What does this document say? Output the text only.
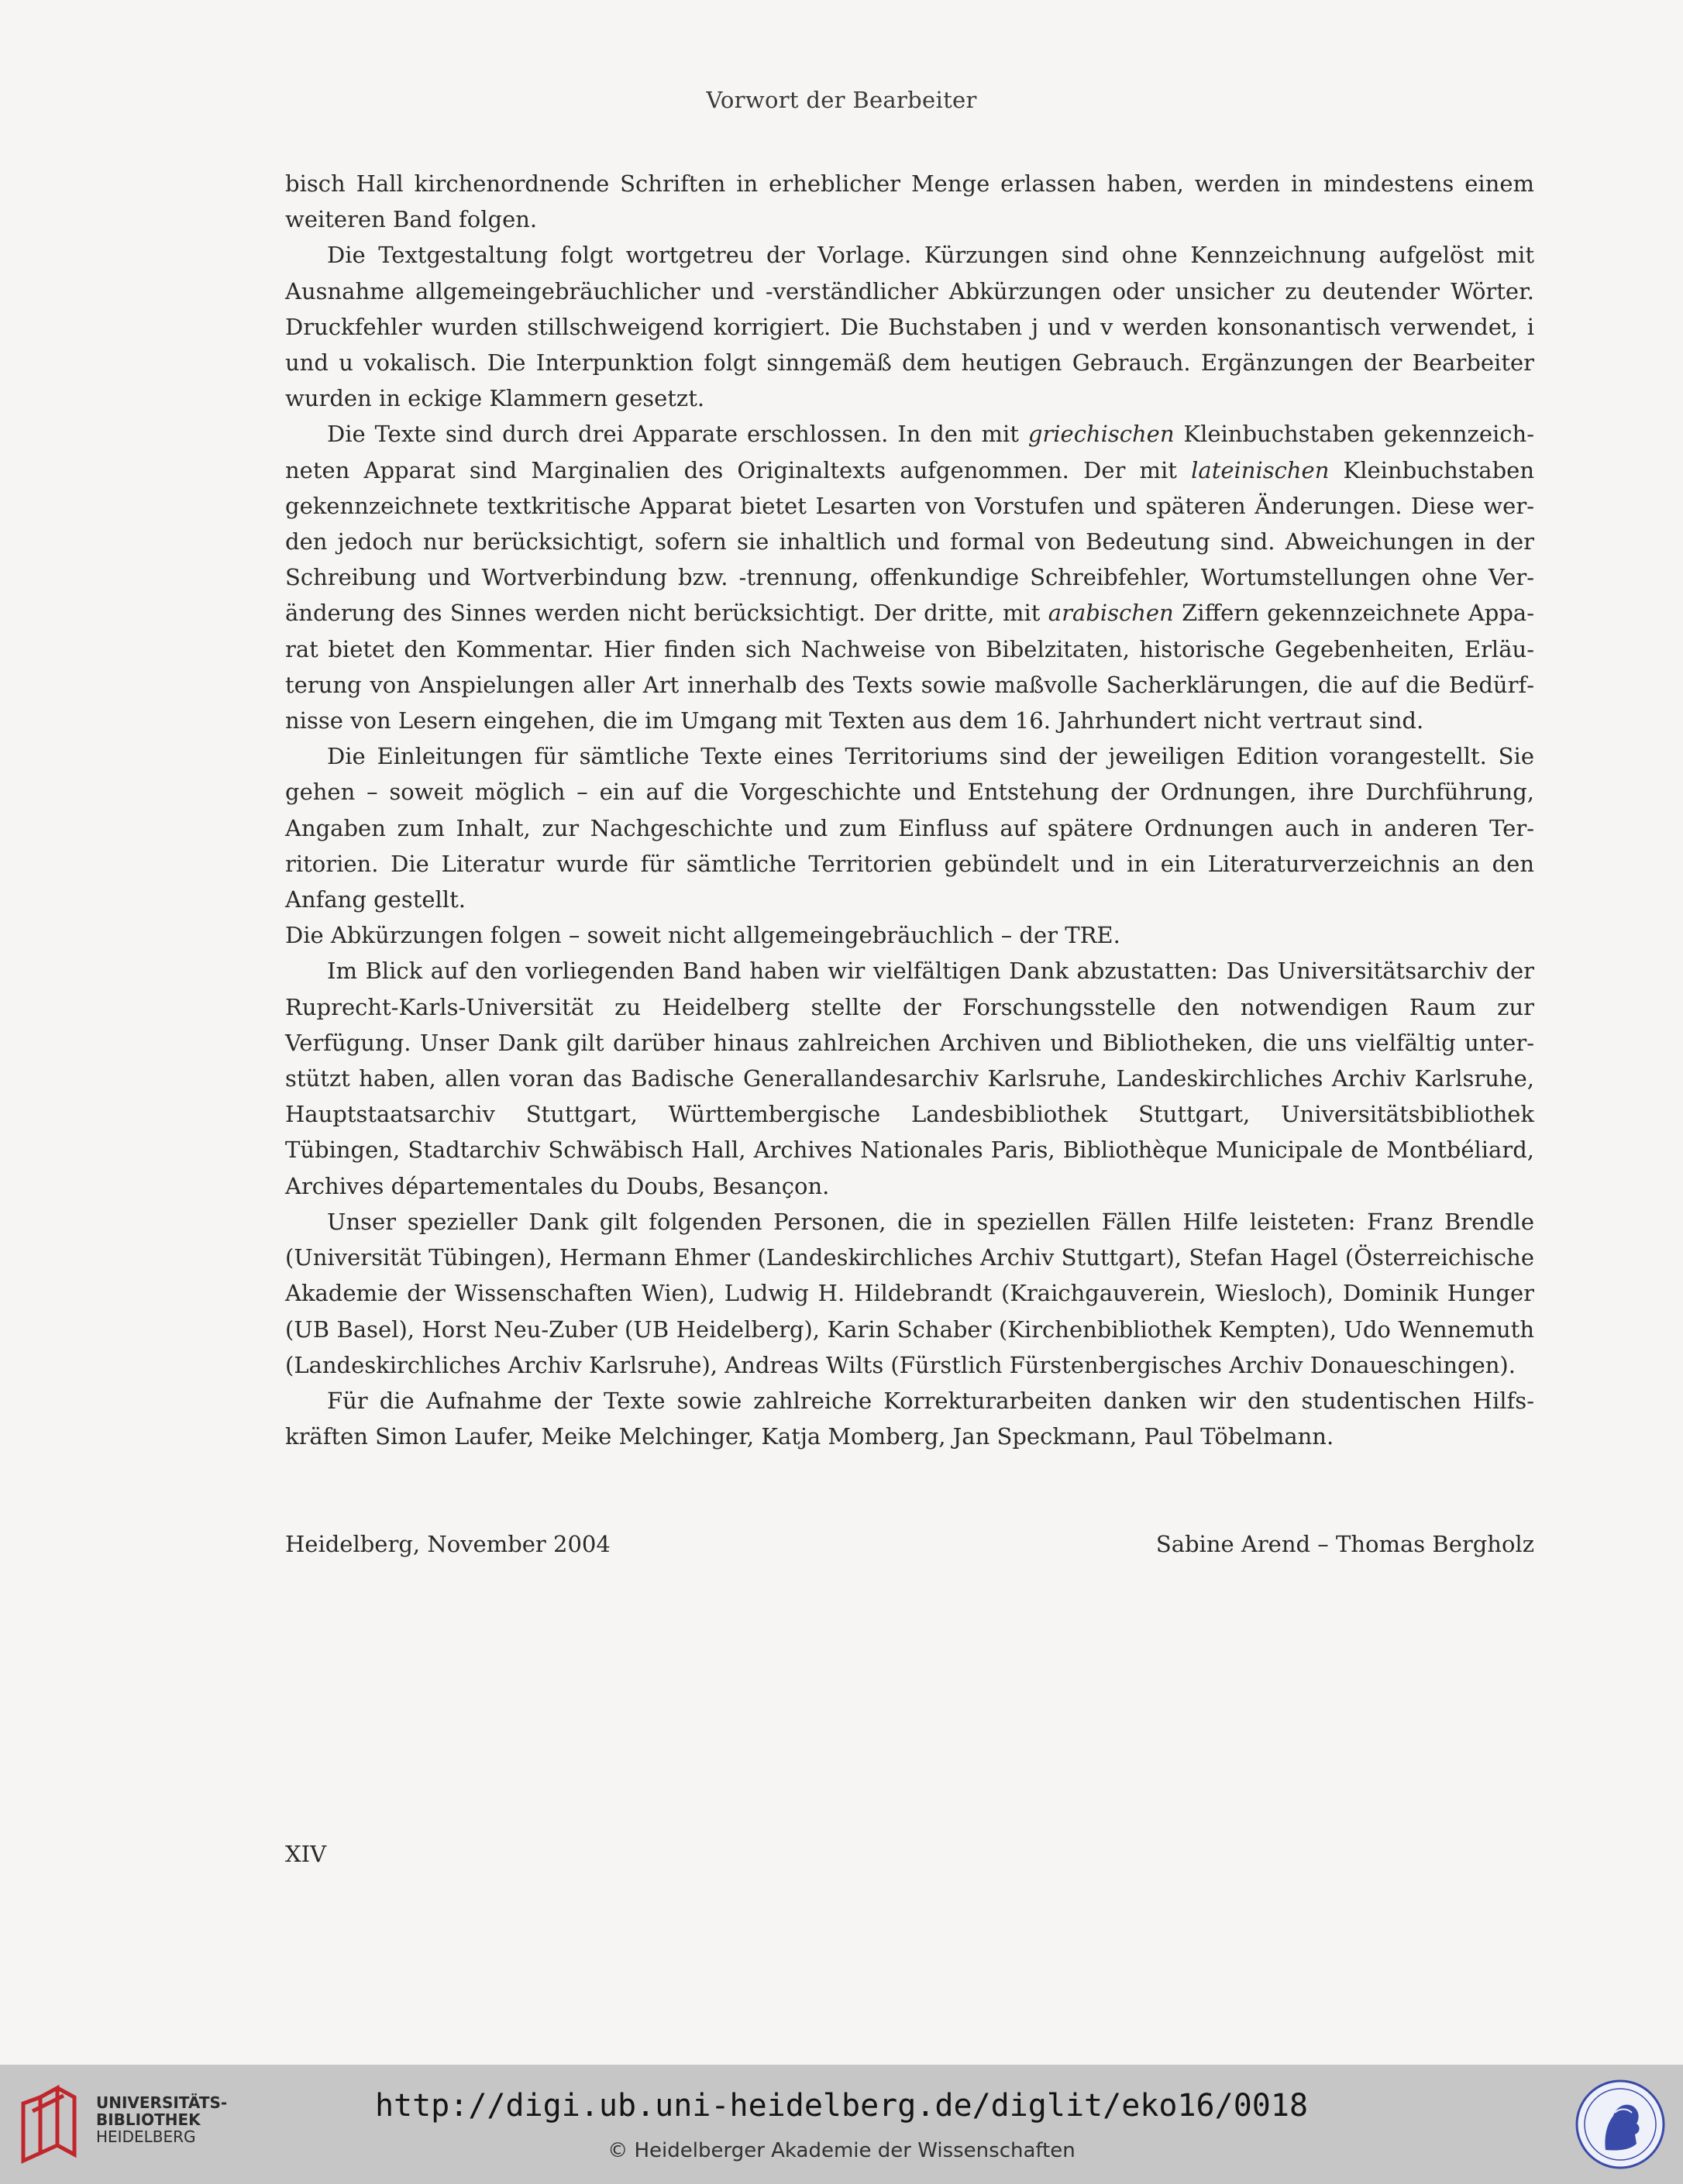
Vorwort der Bearbeiter

bisch Hall kirchenordnende Schriften in erheblicher Menge erlassen haben, werden in mindestens einem weiteren Band folgen.

Die Textgestaltung folgt wortgetreu der Vorlage. Kürzungen sind ohne Kennzeichnung aufgelöst mit Ausnahme allgemeingebräuchlicher und -verständlicher Abkürzungen oder unsicher zu deutender Wörter. Druckfehler wurden stillschweigend korrigiert. Die Buchstaben j und v werden konsonantisch verwendet, i und u vokalisch. Die Interpunktion folgt sinngemäß dem heutigen Gebrauch. Ergänzungen der Bearbeiter wurden in eckige Klammern gesetzt.

Die Texte sind durch drei Apparate erschlossen. In den mit griechischen Kleinbuchstaben gekennzeichneten Apparat sind Marginalien des Originaltexts aufgenommen. Der mit lateinischen Kleinbuchstaben gekennzeichnete textkritische Apparat bietet Lesarten von Vorstufen und späteren Änderungen. Diese werden jedoch nur berücksichtigt, sofern sie inhaltlich und formal von Bedeutung sind. Abweichungen in der Schreibung und Wortverbindung bzw. -trennung, offenkundige Schreibfehler, Wortumstellungen ohne Veränderung des Sinnes werden nicht berücksichtigt. Der dritte, mit arabischen Ziffern gekennzeichnete Apparat bietet den Kommentar. Hier finden sich Nachweise von Bibelzitaten, historische Gegebenheiten, Erläuterung von Anspielungen aller Art innerhalb des Texts sowie maßvolle Sacherklärungen, die auf die Bedürfnisse von Lesern eingehen, die im Umgang mit Texten aus dem 16. Jahrhundert nicht vertraut sind.

Die Einleitungen für sämtliche Texte eines Territoriums sind der jeweiligen Edition vorangestellt. Sie gehen – soweit möglich – ein auf die Vorgeschichte und Entstehung der Ordnungen, ihre Durchführung, Angaben zum Inhalt, zur Nachgeschichte und zum Einfluss auf spätere Ordnungen auch in anderen Territorien. Die Literatur wurde für sämtliche Territorien gebündelt und in ein Literaturverzeichnis an den Anfang gestellt.

Die Abkürzungen folgen – soweit nicht allgemeingebräuchlich – der TRE.

Im Blick auf den vorliegenden Band haben wir vielfältigen Dank abzustatten: Das Universitätsarchiv der Ruprecht-Karls-Universität zu Heidelberg stellte der Forschungsstelle den notwendigen Raum zur Verfügung. Unser Dank gilt darüber hinaus zahlreichen Archiven und Bibliotheken, die uns vielfältig unterstützt haben, allen voran das Badische Generallandesarchiv Karlsruhe, Landeskirchliches Archiv Karlsruhe, Hauptstaatsarchiv Stuttgart, Württembergische Landesbibliothek Stuttgart, Universitätsbibliothek Tübingen, Stadtarchiv Schwäbisch Hall, Archives Nationales Paris, Bibliothèque Municipale de Montbéliard, Archives départementales du Doubs, Besançon.

Unser spezieller Dank gilt folgenden Personen, die in speziellen Fällen Hilfe leisteten: Franz Brendle (Universität Tübingen), Hermann Ehmer (Landeskirchliches Archiv Stuttgart), Stefan Hagel (Österreichische Akademie der Wissenschaften Wien), Ludwig H. Hildebrandt (Kraichgauverein, Wiesloch), Dominik Hunger (UB Basel), Horst Neu-Zuber (UB Heidelberg), Karin Schaber (Kirchenbibliothek Kempten), Udo Wennemuth (Landeskirchliches Archiv Karlsruhe), Andreas Wilts (Fürstlich Fürstenbergisches Archiv Donaueschingen).

Für die Aufnahme der Texte sowie zahlreiche Korrekturarbeiten danken wir den studentischen Hilfskräften Simon Laufer, Meike Melchinger, Katja Momberg, Jan Speckmann, Paul Töbelmann.

Heidelberg, November 2004	Sabine Arend – Thomas Bergholz
XIV
UNIVERSITÄTS-
BIBLIOTHEK
HEIDELBERG
http://digi.ub.uni-heidelberg.de/diglit/eko16/0018
© Heidelberger Akademie der Wissenschaften
